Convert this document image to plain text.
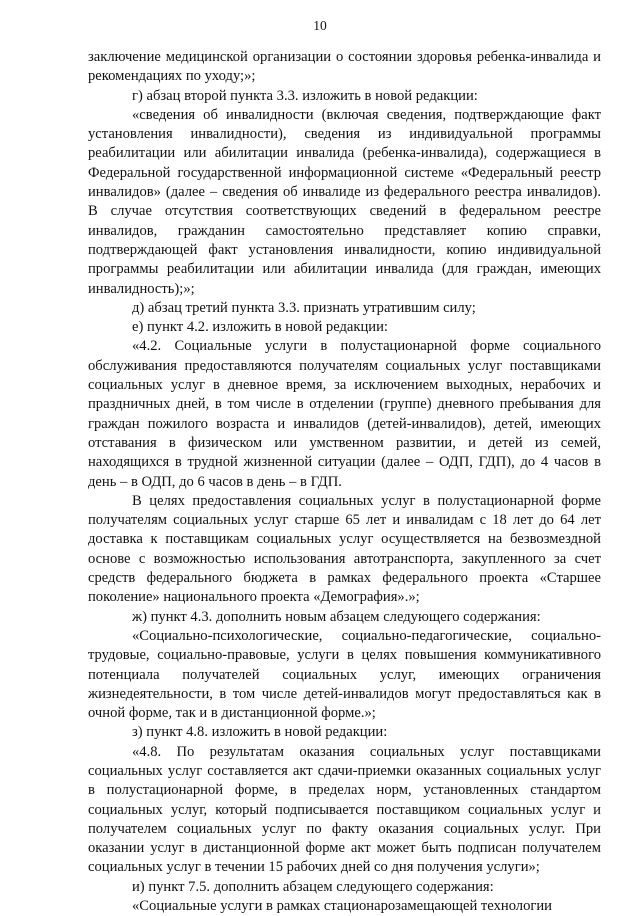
10

заключение медицинской организации о состоянии здоровья ребенка-инвалида и рекомендациях по уходу;»;

г) абзац второй пункта 3.3. изложить в новой редакции:

«сведения об инвалидности (включая сведения, подтверждающие факт установления инвалидности), сведения из индивидуальной программы реабилитации или абилитации инвалида (ребенка-инвалида), содержащиеся в Федеральной государственной информационной системе «Федеральный реестр инвалидов» (далее – сведения об инвалиде из федерального реестра инвалидов). В случае отсутствия соответствующих сведений в федеральном реестре инвалидов, гражданин самостоятельно представляет копию справки, подтверждающей факт установления инвалидности, копию индивидуальной программы реабилитации или абилитации инвалида (для граждан, имеющих инвалидность);»;

д) абзац третий пункта 3.3. признать утратившим силу;

е) пункт 4.2. изложить в новой редакции:

«4.2. Социальные услуги в полустационарной форме социального обслуживания предоставляются получателям социальных услуг поставщиками социальных услуг в дневное время, за исключением выходных, нерабочих и праздничных дней, в том числе в отделении (группе) дневного пребывания для граждан пожилого возраста и инвалидов (детей-инвалидов), детей, имеющих отставания в физическом или умственном развитии, и детей из семей, находящихся в трудной жизненной ситуации (далее – ОДП, ГДП), до 4 часов в день – в ОДП, до 6 часов в день – в ГДП.

В целях предоставления социальных услуг в полустационарной форме получателям социальных услуг старше 65 лет и инвалидам с 18 лет до 64 лет доставка к поставщикам социальных услуг осуществляется на безвозмездной основе с возможностью использования автотранспорта, закупленного за счет средств федерального бюджета в рамках федерального проекта «Старшее поколение» национального проекта «Демография».»;

ж) пункт 4.3. дополнить новым абзацем следующего содержания:

«Социально-психологические, социально-педагогические, социально-трудовые, социально-правовые, услуги в целях повышения коммуникативного потенциала получателей социальных услуг, имеющих ограничения жизнедеятельности, в том числе детей-инвалидов могут предоставляться как в очной форме, так и в дистанционной форме.»;

з) пункт 4.8. изложить в новой редакции:

«4.8. По результатам оказания социальных услуг поставщиками социальных услуг составляется акт сдачи-приемки оказанных социальных услуг в полустационарной форме, в пределах норм, установленных стандартом социальных услуг, который подписывается поставщиком социальных услуг и получателем социальных услуг по факту оказания социальных услуг. При оказании услуг в дистанционной форме акт может быть подписан получателем социальных услуг в течении 15 рабочих дней со дня получения услуги»;

и) пункт 7.5. дополнить абзацем следующего содержания:

«Социальные услуги в рамках стационарозамещающей технологии
